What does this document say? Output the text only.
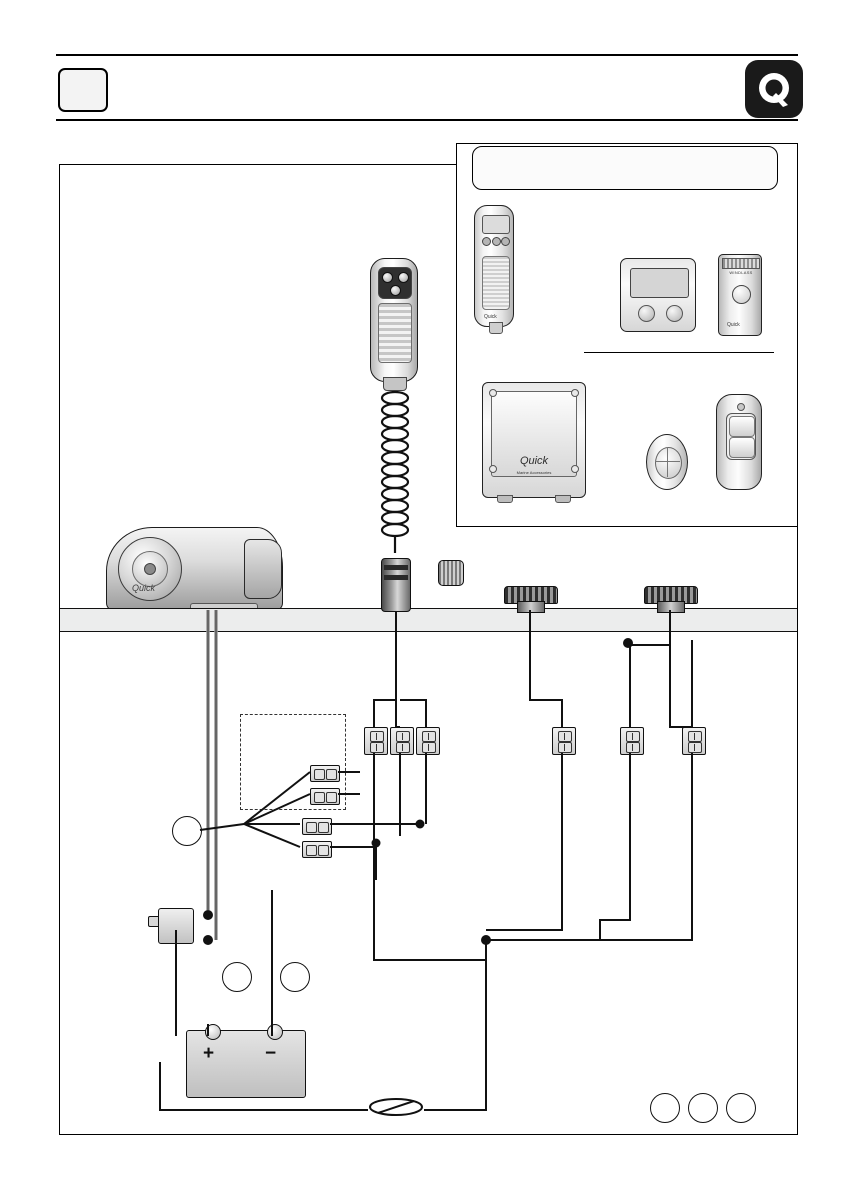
Quick
WINDLASS
Quick
Quick
Marine Accessories
Quick
+	−
